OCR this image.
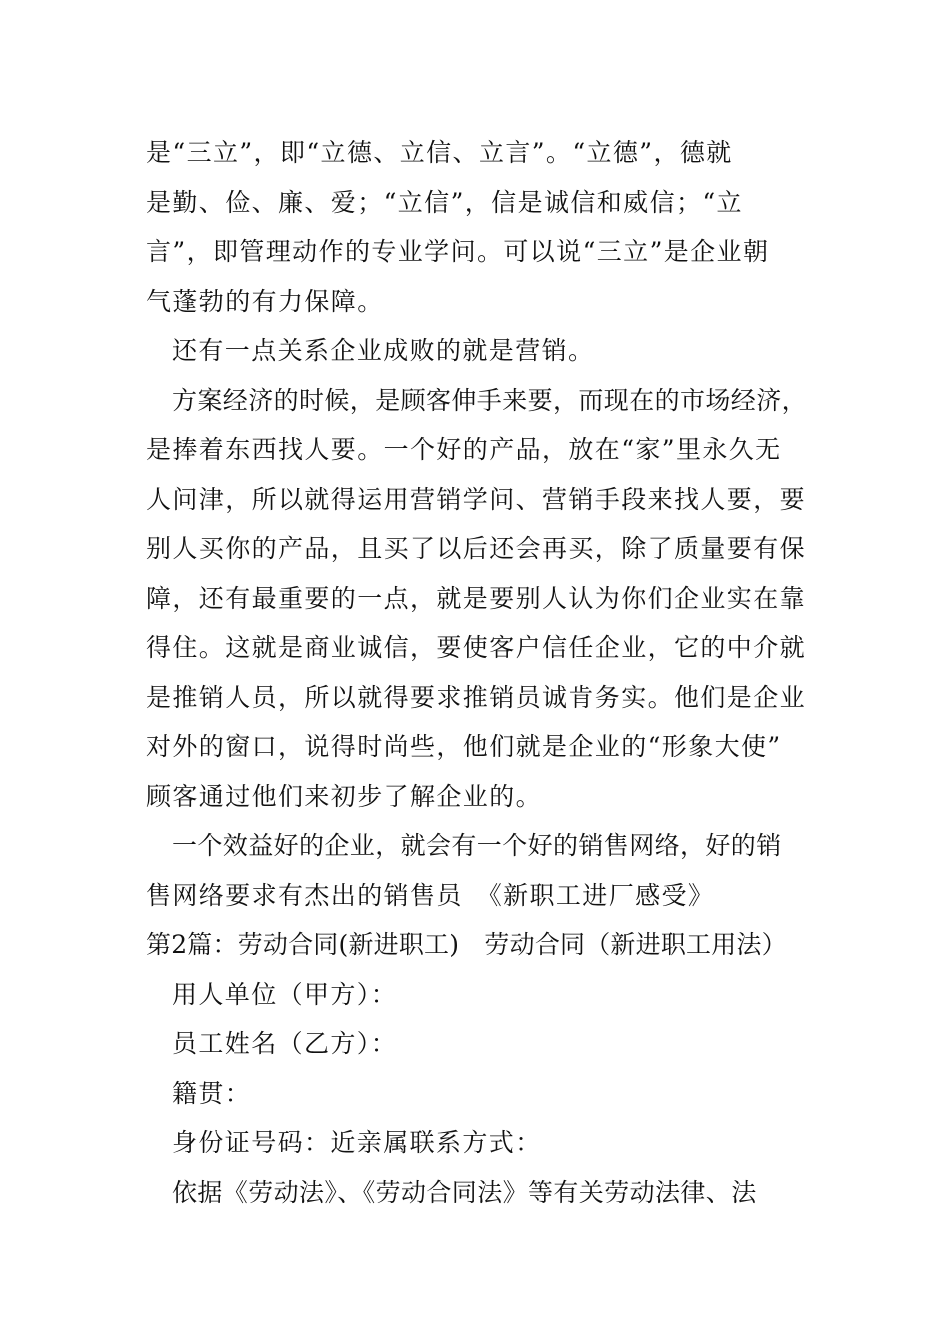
是“三立”，即“立德、立信、立言”。“立德”，德就
是勤、俭、廉、爱；“立信”，信是诚信和威信；“立
言”，即管理动作的专业学问。可以说“三立”是企业朝
气蓬勃的有力保障。
还有一点关系企业成败的就是营销。
方案经济的时候，是顾客伸手来要，而现在的市场经济，
是捧着东西找人要。一个好的产品，放在“家”里永久无
人问津，所以就得运用营销学问、营销手段来找人要，要
别人买你的产品，且买了以后还会再买，除了质量要有保
障，还有最重要的一点，就是要别人认为你们企业实在靠
得住。这就是商业诚信，要使客户信任企业，它的中介就
是推销人员，所以就得要求推销员诚肯务实。他们是企业
对外的窗口，说得时尚些，他们就是企业的“形象大使”
顾客通过他们来初步了解企业的。
一个效益好的企业，就会有一个好的销售网络，好的销
售网络要求有杰出的销售员　《新职工进厂感受》
第2篇：劳动合同(新进职工)　劳动合同（新进职工用法）
用人单位（甲方）：
员工姓名（乙方）：
籍贯：
身份证号码：近亲属联系方式：
依据《劳动法》、《劳动合同法》等有关劳动法律、法
